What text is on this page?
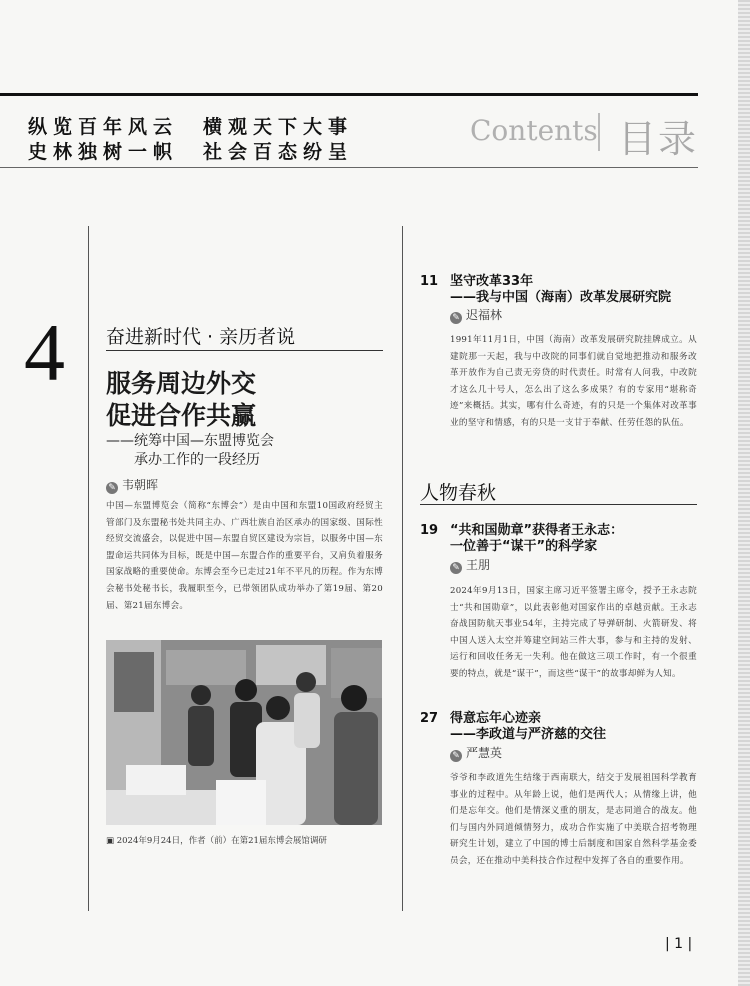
纵览百年风云　横观天下大事
史林独树一帜　社会百态纷呈
Contents 目录
4 奋进新时代 · 亲历者说
服务周边外交
促进合作共赢
——统筹中国—东盟博览会
承办工作的一段经历
✎ 韦朝晖
中国—东盟博览会（简称“东博会”）是由中国和东盟10国政府经贸主管部门及东盟秘书处共同主办、广西壮族自治区承办的国家级、国际性经贸交流盛会，以促进中国—东盟自贸区建设为宗旨，以服务中国—东盟命运共同体为目标，既是中国—东盟合作的重要平台，又肩负着服务国家战略的重要使命。东博会至今已走过21年不平凡的历程。作为东博会秘书处秘书长，我履职至今，已带领团队成功举办了第19届、第20届、第21届东博会。
▣ 2024年9月24日，作者（前）在第21届东博会展馆调研
11 坚守改革33年
——我与中国（海南）改革发展研究院
✎ 迟福林
1991年11月1日，中国（海南）改革发展研究院挂牌成立。从建院那一天起，我与中改院的同事们就自觉地把推动和服务改革开放作为自己责无旁贷的时代责任。时常有人问我，中改院才这么几十号人，怎么出了这么多成果？有的专家用“堪称奇迹”来概括。其实，哪有什么奇迹，有的只是一个集体对改革事业的坚守和情感，有的只是一支甘于奉献、任劳任怨的队伍。
人物春秋
19 “共和国勋章”获得者王永志：
一位善于“谋干”的科学家
✎ 王朋
2024年9月13日，国家主席习近平签署主席令，授予王永志院士“共和国勋章”，以此表彰他对国家作出的卓越贡献。王永志奋战国防航天事业54年，主持完成了导弹研制、火箭研发、将中国人送入太空并筹建空间站三件大事，参与和主持的发射、运行和回收任务无一失利。他在做这三项工作时，有一个很重要的特点，就是“谋干”，而这些“谋干”的故事却鲜为人知。
27 得意忘年心迹亲
——李政道与严济慈的交往
✎ 严慧英
爷爷和李政道先生结缘于西南联大，结交于发展祖国科学教育事业的过程中。从年龄上说，他们是两代人；从情缘上讲，他们是忘年交。他们是情深义重的朋友，是志同道合的战友。他们与国内外同道倾情努力，成功合作实施了中美联合招考物理研究生计划，建立了中国的博士后制度和国家自然科学基金委员会，还在推动中美科技合作过程中发挥了各自的重要作用。
| 1 |
